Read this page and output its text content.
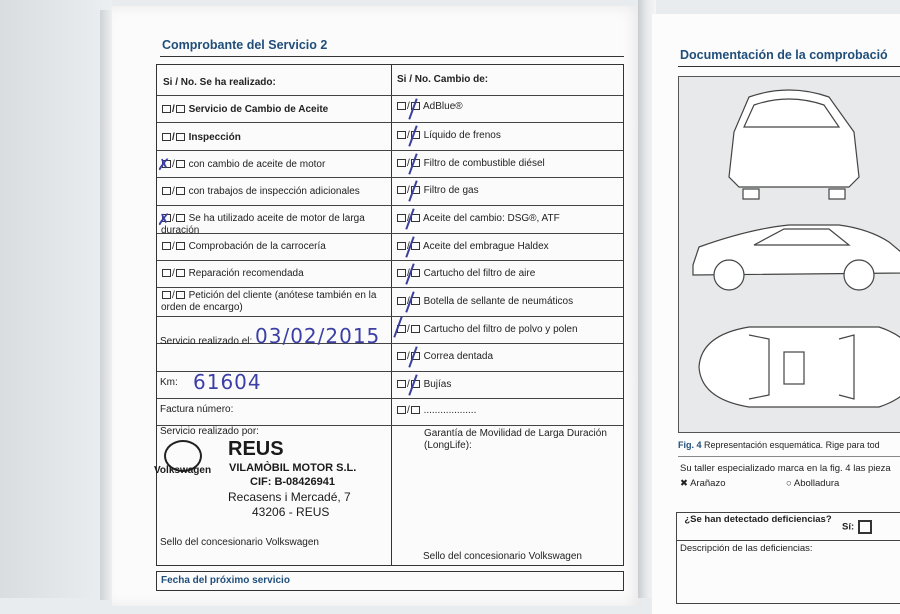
Comprobante del Servicio 2
Si / No. Se ha realizado:	Si / No. Cambio de:
/ Servicio de Cambio de Aceite
/ Inspección
/ con cambio de aceite de motor
/ con trabajos de inspección adicionales
/ Se ha utilizado aceite de motor de larga duración
/ Comprobación de la carrocería
/ Reparación recomendada
/ Petición del cliente (anótese también en la orden de encargo)
/ AdBlue®
/ Líquido de frenos
/ Filtro de combustible diésel
/ Filtro de gas
Aceite del cambio: DSG®, ATF
Aceite del embrague Haldex
Cartucho del filtro de aire
Botella de sellante de neumáticos
/ Cartucho del filtro de polvo y polen
/ Correa dentada
/ Bujías
/ ...................
✗
✗
Servicio realizado el: 03/02/2015
Km: 61604
Factura número:
Servicio realizado por:
Sello del concesionario Volkswagen
Garantía de Movilidad de Larga Duración (LongLife):
Sello del concesionario Volkswagen
Volkswagen
REUS
VILAMÒBIL MOTOR S.L.
CIF: B-08426941
Recasens i Mercadé, 7
43206 - REUS
Fecha del próximo servicio
Documentación de la comprobació
Fig. 4 Representación esquemática. Rige para tod
Su taller especializado marca en la fig. 4 las pieza
✖ Arañazo	○ Abolladura
¿Se han detectado deficiencias?
Sí:
Descripción de las deficiencias:
